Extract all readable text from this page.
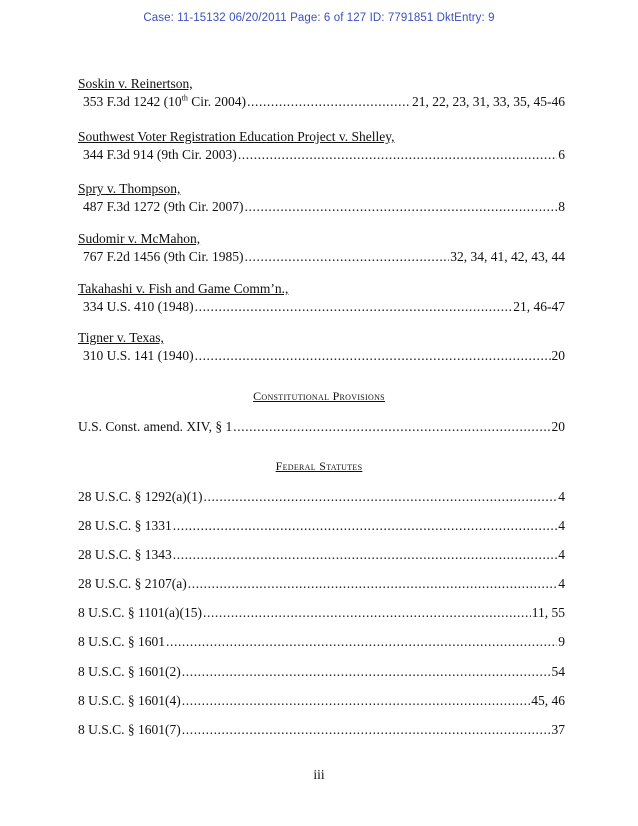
Case: 11-15132 06/20/2011 Page: 6 of 127 ID: 7791851 DktEntry: 9
Soskin v. Reinertson,
353 F.3d 1242 (10th Cir. 2004) .....	21, 22, 23, 31, 33, 35, 45-46
Southwest Voter Registration Education Project v. Shelley,
344 F.3d 914 (9th Cir. 2003) .....	6
Spry v. Thompson,
487 F.3d 1272 (9th Cir. 2007) .....	8
Sudomir v. McMahon,
767 F.2d 1456 (9th Cir. 1985) .....	32, 34, 41, 42, 43, 44
Takahashi v. Fish and Game Comm’n.,
334 U.S. 410 (1948) .....	21, 46-47
Tigner v. Texas,
310 U.S. 141 (1940) .....	20
Constitutional Provisions
U.S. Const. amend. XIV, § 1 .....	20
Federal Statutes
28 U.S.C. § 1292(a)(1) .....	4
28 U.S.C. § 1331 .....	4
28 U.S.C. § 1343 .....	4
28 U.S.C. § 2107(a) .....	4
8 U.S.C. § 1101(a)(15) .....	11, 55
8 U.S.C. § 1601 .....	9
8 U.S.C. § 1601(2) .....	54
8 U.S.C. § 1601(4) .....	45, 46
8 U.S.C. § 1601(7) .....	37
iii
